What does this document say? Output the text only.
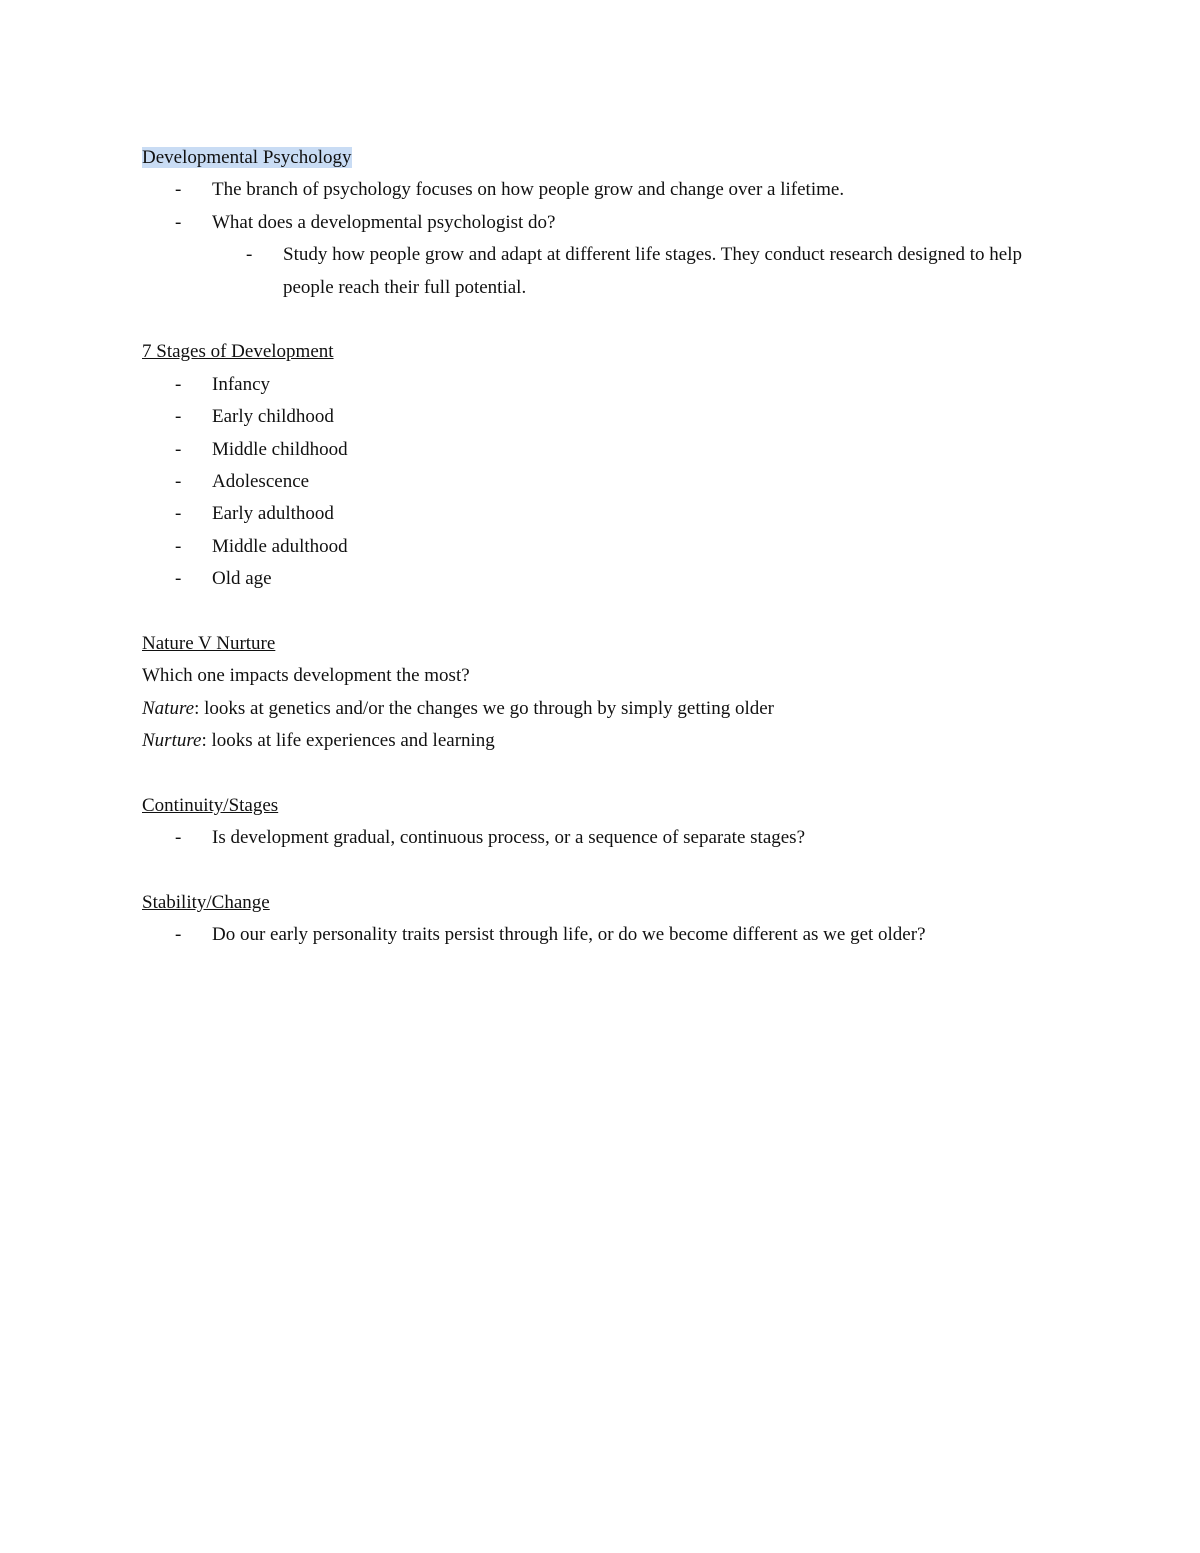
Developmental Psychology
- The branch of psychology focuses on how people grow and change over a lifetime.
- What does a developmental psychologist do?
- Study how people grow and adapt at different life stages. They conduct research designed to help people reach their full potential.
7 Stages of Development
- Infancy
- Early childhood
- Middle childhood
- Adolescence
- Early adulthood
- Middle adulthood
- Old age
Nature V Nurture
Which one impacts development the most?
Nature: looks at genetics and/or the changes we go through by simply getting older
Nurture: looks at life experiences and learning
Continuity/Stages
- Is development gradual, continuous process, or a sequence of separate stages?
Stability/Change
- Do our early personality traits persist through life, or do we become different as we get older?
